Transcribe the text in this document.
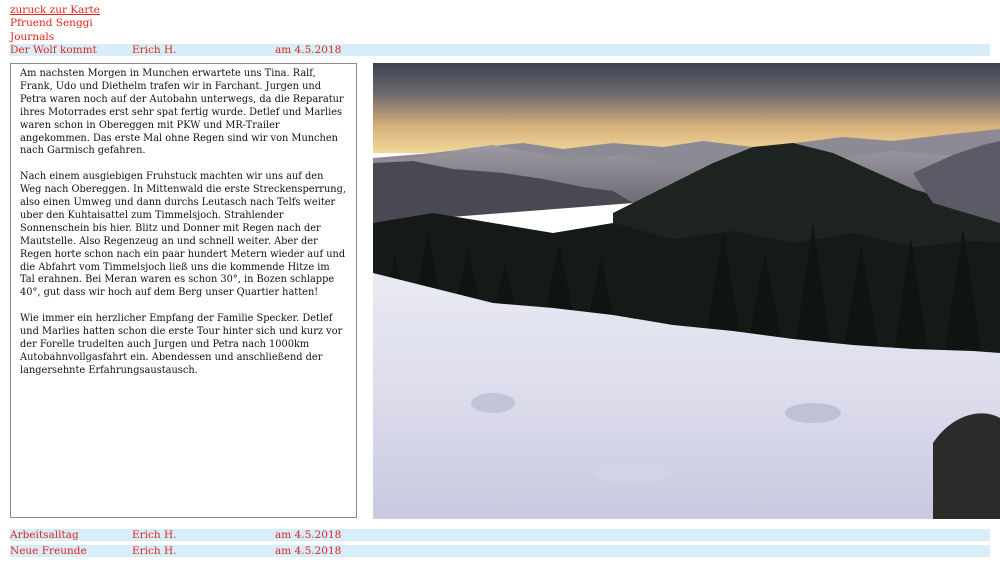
zuruck zur Karte
Pfruend Senggi
Journals
Der Wolf kommt	Erich H.	am 4.5.2018

Am nachsten Morgen in Munchen erwartete uns Tina. Ralf, Frank, Udo und Diethelm trafen wir in Farchant. Jurgen und Petra waren noch auf der Autobahn unterwegs, da die Reparatur ihres Motorrades erst sehr spat fertig wurde. Detlef und Marlies waren schon in Obereggen mit PKW und MR-Trailer angekommen. Das erste Mal ohne Regen sind wir von Munchen nach Garmisch gefahren.

Nach einem ausgiebigen Fruhstuck machten wir uns auf den Weg nach Obereggen. In Mittenwald die erste Streckensperrung, also einen Umweg und dann durchs Leutasch nach Telfs weiter uber den Kuhtaisattel zum Timmelsjoch. Strahlender Sonnenschein bis hier. Blitz und Donner mit Regen nach der Mautstelle. Also Regenzeug an und schnell weiter. Aber der Regen horte schon nach ein paar hundert Metern wieder auf und die Abfahrt vom Timmelsjoch ließ uns die kommende Hitze im Tal erahnen. Bei Meran waren es schon 30°, in Bozen schlappe 40°, gut dass wir hoch auf dem Berg unser Quartier hatten!

Wie immer ein herzlicher Empfang der Familie Specker. Detlef und Marlies hatten schon die erste Tour hinter sich und kurz vor der Forelle trudelten auch Jurgen und Petra nach 1000km Autobahnvollgasfahrt ein. Abendessen und anschließend der langersehnte Erfahrungsaustausch.

Arbeitsalltag	Erich H.	am 4.5.2018
Neue Freunde	Erich H.	am 4.5.2018
